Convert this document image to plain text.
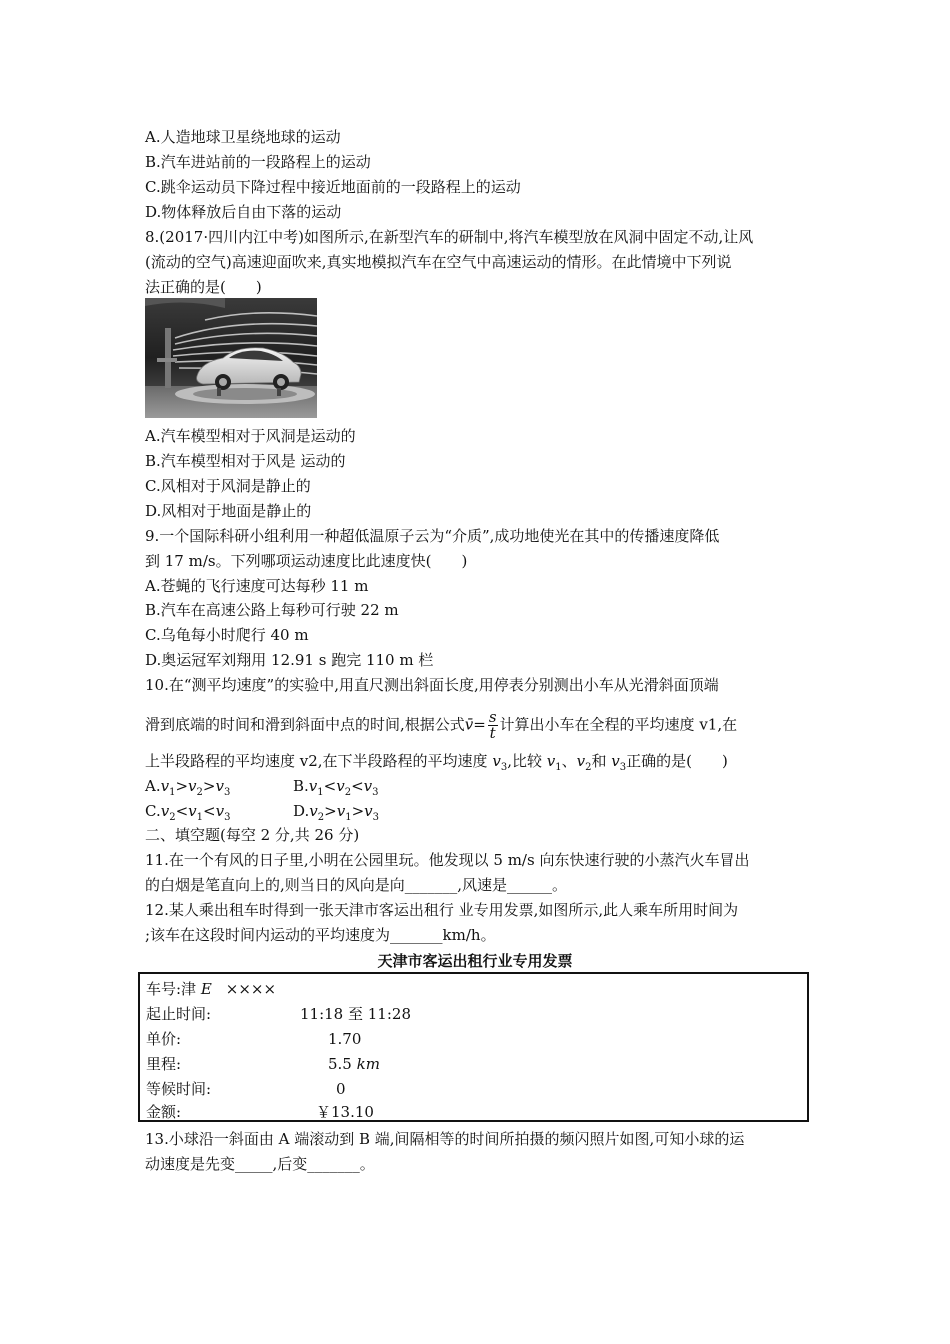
A.人造地球卫星绕地球的运动
B.汽车进站前的一段路程上的运动
C.跳伞运动员下降过程中接近地面前的一段路程上的运动
D.物体释放后自由下落的运动
8.(2017·四川内江中考)如图所示,在新型汽车的研制中,将汽车模型放在风洞中固定不动,让风
(流动的空气)高速迎面吹来,真实地模拟汽车在空气中高速运动的情形。在此情境中下列说
法正确的是(　　)
A.汽车模型相对于风洞是运动的
B.汽车模型相对于风是 运动的
C.风相对于风洞是静止的
D.风相对于地面是静止的
9.一个国际科研小组利用一种超低温原子云为“介质”,成功地使光在其中的传播速度降低
到 17 m/s。下列哪项运动速度比此速度快(　　)
A.苍蝇的飞行速度可达每秒 11 m
B.汽车在高速公路上每秒可行驶 22 m
C.乌龟每小时爬行 40 m
D.奥运冠军刘翔用 12.91 s 跑完 110 m 栏
10.在“测平均速度”的实验中,用直尺测出斜面长度,用停表分别测出小车从光滑斜面顶端
滑到底端的时间和滑到斜面中点的时间,根据公式v̄= $\frac{s}{t}$ 计算出小车在全程的平均速度 v1,在
上半段路程的平均速度 v2,在下半段路程的平均速度 $v_3$,比较 $v_1$、$v_2$和 $v_3$正确的是(　　)
$A.v_1>v_2>v_3$	$B.v_1<v_2<v_3$
$C.v_2<v_1<v_3$	$D.v_2>v_1>v_3$
二、填空题(每空 2 分,共 26 分)
11.在一个有风的日子里,小明在公园里玩。他发现以 5 m/s 向东快速行驶的小蒸汽火车冒出
的白烟是笔直向上的,则当日的风向是向_______,风速是______。
12.某人乘出租车时得到一张天津市客运出租行 业专用发票,如图所示,此人乘车所用时间为
;该车在这段时间内运动的平均速度为_______km/h。
天津市客运出租行业专用发票
车号:津 E ××××
起止时间:	11:18 至 11:28
单价:	1.70
里程:	5.5 km
等候时间:	0
金额:	￥13.10
13.小球沿一斜面由 A 端滚动到 B 端,间隔相等的时间所拍摄的频闪照片如图,可知小球的运
动速度是先变_____,后变_______。
